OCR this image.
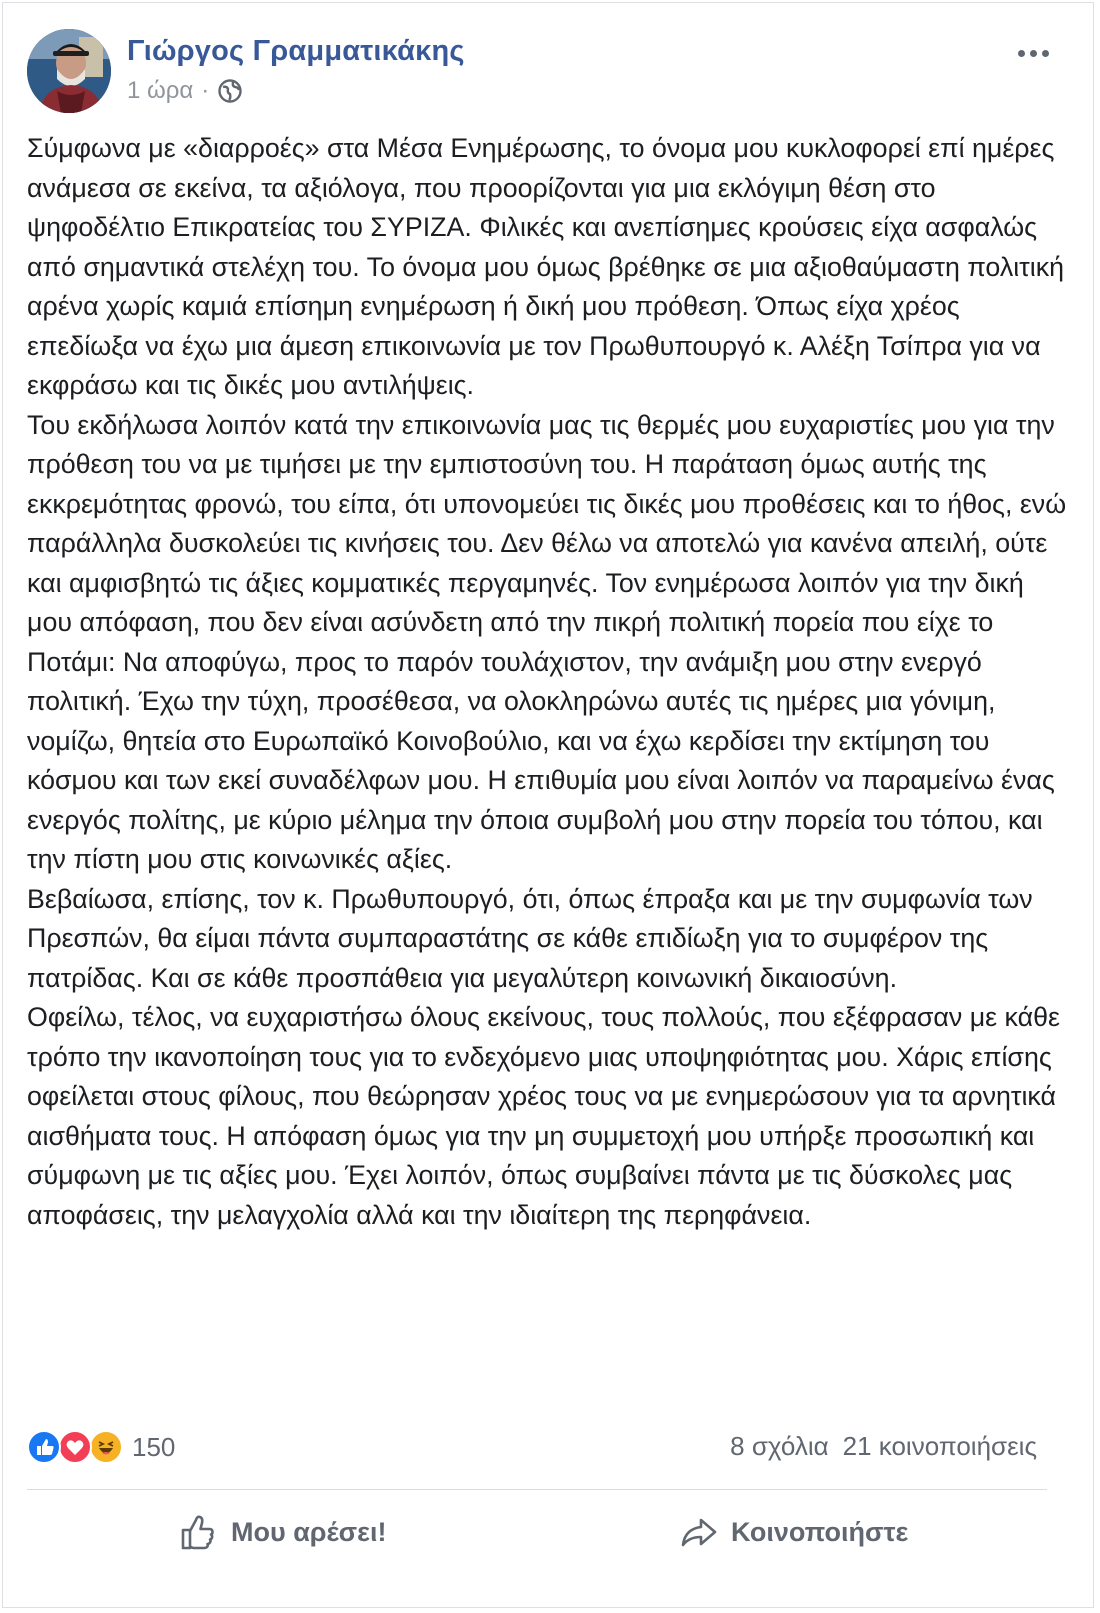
Γιώργος Γραμματικάκης
1 ώρα ·

Σύμφωνα με «διαρροές» στα Μέσα Ενημέρωσης, το όνομα μου κυκλοφορεί επί ημέρες ανάμεσα σε εκείνα, τα αξιόλογα, που προορίζονται για μια εκλόγιμη θέση στο ψηφοδέλτιο Επικρατείας του ΣΥΡΙΖΑ. Φιλικές και ανεπίσημες κρούσεις είχα ασφαλώς από σημαντικά στελέχη του. Το όνομα μου όμως βρέθηκε σε μια αξιοθαύμαστη πολιτική αρένα χωρίς καμιά επίσημη ενημέρωση ή δική μου πρόθεση. Όπως είχα χρέος επεδίωξα να έχω μια άμεση επικοινωνία με τον Πρωθυπουργό κ. Αλέξη Τσίπρα για να εκφράσω και τις δικές μου αντιλήψεις.

Του εκδήλωσα λοιπόν κατά την επικοινωνία μας τις θερμές μου ευχαριστίες μου για την πρόθεση του να με τιμήσει με την εμπιστοσύνη του. Η παράταση όμως αυτής της εκκρεμότητας φρονώ, του είπα, ότι υπονομεύει τις δικές μου προθέσεις και το ήθος, ενώ παράλληλα δυσκολεύει τις κινήσεις του. Δεν θέλω να αποτελώ για κανένα απειλή, ούτε και αμφισβητώ τις άξιες κομματικές περγαμηνές. Τον ενημέρωσα λοιπόν για την δική μου απόφαση, που δεν είναι ασύνδετη από την πικρή πολιτική πορεία που είχε το Ποτάμι: Να αποφύγω, προς το παρόν τουλάχιστον, την ανάμιξη μου στην ενεργό πολιτική. Έχω την τύχη, προσέθεσα, να ολοκληρώνω αυτές τις ημέρες μια γόνιμη, νομίζω, θητεία στο Ευρωπαϊκό Κοινοβούλιο, και να έχω κερδίσει την εκτίμηση του κόσμου και των εκεί συναδέλφων μου. Η επιθυμία μου είναι λοιπόν να παραμείνω ένας ενεργός πολίτης, με κύριο μέλημα την όποια συμβολή μου στην πορεία του τόπου, και την πίστη μου στις κοινωνικές αξίες.

Βεβαίωσα, επίσης, τον κ. Πρωθυπουργό, ότι, όπως έπραξα και με την συμφωνία των Πρεσπών, θα είμαι πάντα συμπαραστάτης σε κάθε επιδίωξη για το συμφέρον της πατρίδας. Και σε κάθε προσπάθεια για μεγαλύτερη κοινωνική δικαιοσύνη.

Οφείλω, τέλος, να ευχαριστήσω όλους εκείνους, τους πολλούς, που εξέφρασαν με κάθε τρόπο την ικανοποίηση τους για το ενδεχόμενο μιας υποψηφιότητας μου. Χάρις επίσης οφείλεται στους φίλους, που θεώρησαν χρέος τους να με ενημερώσουν για τα αρνητικά αισθήματα τους. Η απόφαση όμως για την μη συμμετοχή μου υπήρξε προσωπική και σύμφωνη με τις αξίες μου. Έχει λοιπόν, όπως συμβαίνει πάντα με τις δύσκολες μας αποφάσεις, την μελαγχολία αλλά και την ιδιαίτερη της περηφάνεια.

150	8 σχόλια 21 κοινοποιήσεις
Μου αρέσει!	Κοινοποιήστε
